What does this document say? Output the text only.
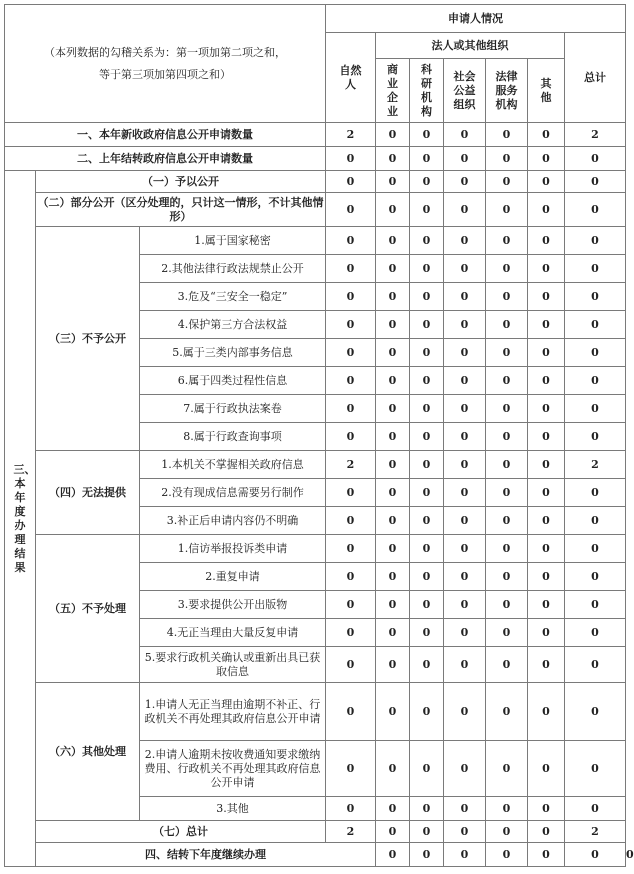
（本列数据的勾稽关系为：第一项加第二项之和，
等于第三项加第四项之和）			申请人情况							
			自然人	法人或其他组织					总计	
				商业企业	科研机构	社会公益组织	法律服务机构	其他		

一、本年新收政府信息公开申请数量			2	0	0	0	0	0	2	
二、上年结转政府信息公开申请数量			0	0	0	0	0	0	0	
三、本年度办理结果	（一）予以公开		0	0	0	0	0	0	0	
	（二）部分公开（区分处理的，只计这一情形，不计其他情形）		0	0	0	0	0	0	0	
	（三）不予公开	1.属于国家秘密	0	0	0	0	0	0	0	
		2.其他法律行政法规禁止公开	0	0	0	0	0	0	0	
		3.危及“三安全一稳定”	0	0	0	0	0	0	0	
		4.保护第三方合法权益	0	0	0	0	0	0	0	
		5.属于三类内部事务信息	0	0	0	0	0	0	0	
		6.属于四类过程性信息	0	0	0	0	0	0	0	
		7.属于行政执法案卷	0	0	0	0	0	0	0	
		8.属于行政查询事项	0	0	0	0	0	0	0	
	（四）无法提供	1.本机关不掌握相关政府信息	2	0	0	0	0	0	2	
		2.没有现成信息需要另行制作	0	0	0	0	0	0	0	
		3.补正后申请内容仍不明确	0	0	0	0	0	0	0	
	（五）不予处理	1.信访举报投诉类申请	0	0	0	0	0	0	0	
		2.重复申请	0	0	0	0	0	0	0	
		3.要求提供公开出版物	0	0	0	0	0	0	0	
		4.无正当理由大量反复申请	0	0	0	0	0	0	0	
		5.要求行政机关确认或重新出具已获取信息	0	0	0	0	0	0	0	
	（六）其他处理	1.申请人无正当理由逾期不补正、行政机关不再处理其政府信息公开申请	0	0	0	0	0	0	0	
		2.申请人逾期未按收费通知要求缴纳费用、行政机关不再处理其政府信息公开申请	0	0	0	0	0	0	0	
		3.其他	0	0	0	0	0	0	0	
	（七）总计		2	0	0	0	0	0	2	
	四、结转下年度继续办理			0	0	0	0	0	0	0
